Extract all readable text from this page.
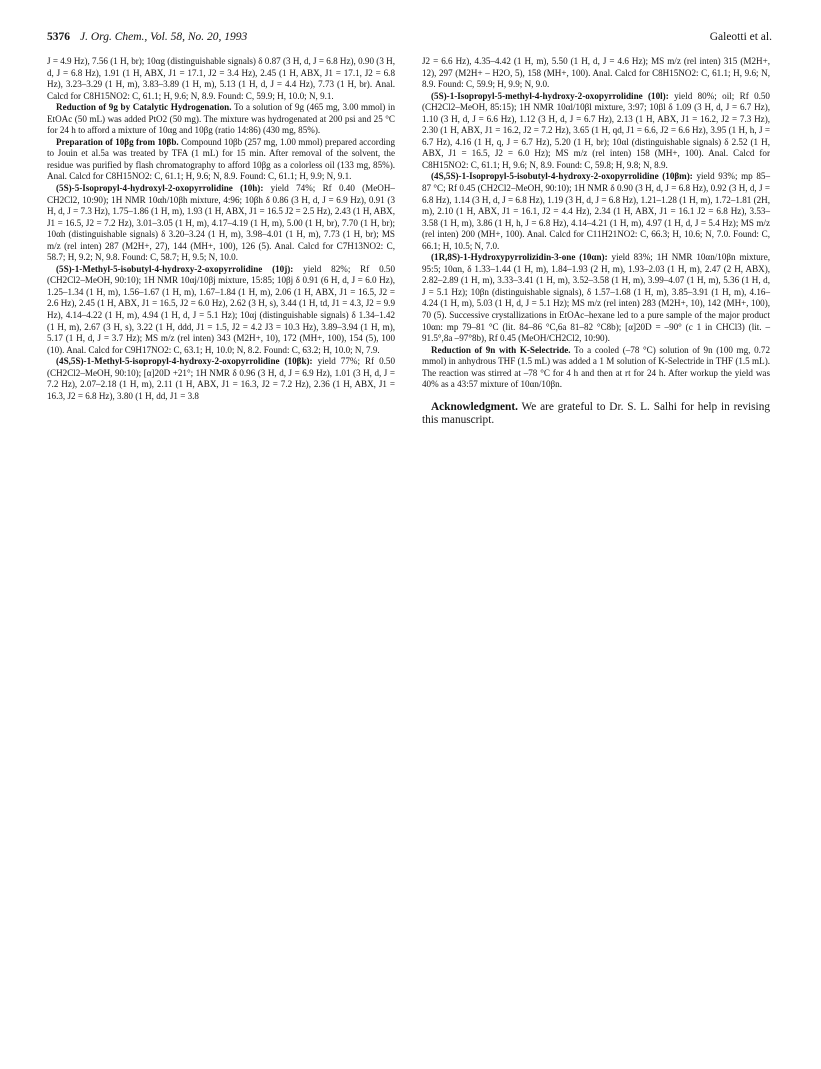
5376 J. Org. Chem., Vol. 58, No. 20, 1993	Galeotti et al.

J = 4.9 Hz), 7.56 (1 H, br); 10αg (distinguishable signals) δ 0.87 (3 H, d, J = 6.8 Hz), 0.90 (3 H, d, J = 6.8 Hz), 1.91 (1 H, ABX, J1 = 17.1, J2 = 3.4 Hz), 2.45 (1 H, ABX, J1 = 17.1, J2 = 6.8 Hz), 3.23–3.29 (1 H, m), 3.83–3.89 (1 H, m), 5.13 (1 H, d, J = 4.4 Hz), 7.73 (1 H, br). Anal. Calcd for C8H15NO2: C, 61.1; H, 9.6; N, 8.9. Found: C, 59.9; H, 10.0; N, 9.1.

Reduction of 9g by Catalytic Hydrogenation. To a solution of 9g (465 mg, 3.00 mmol) in EtOAc (50 mL) was added PtO2 (50 mg). The mixture was hydrogenated at 200 psi and 25 °C for 24 h to afford a mixture of 10αg and 10βg (ratio 14:86) (430 mg, 85%).

Preparation of 10βg from 10βb. Compound 10βb (257 mg, 1.00 mmol) prepared according to Jouin et al.5a was treated by TFA (1 mL) for 15 min. After removal of the solvent, the residue was purified by flash chromatography to afford 10βg as a colorless oil (133 mg, 85%). Anal. Calcd for C8H15NO2: C, 61.1; H, 9.6; N, 8.9. Found: C, 61.1; H, 9.9; N, 9.1.

(5S)-5-Isopropyl-4-hydroxyl-2-oxopyrrolidine (10h): yield 74%; Rf 0.40 (MeOH–CH2Cl2, 10:90); 1H NMR 10αh/10βh mixture, 4:96; 10βh δ 0.86 (3 H, d, J = 6.9 Hz), 0.91 (3 H, d, J = 7.3 Hz), 1.75–1.86 (1 H, m), 1.93 (1 H, ABX, J1 = 16.5 J2 = 2.5 Hz), 2.43 (1 H, ABX, J1 = 16.5, J2 = 7.2 Hz), 3.01–3.05 (1 H, m), 4.17–4.19 (1 H, m), 5.00 (1 H, br), 7.70 (1 H, br); 10αh (distinguishable signals) δ 3.20–3.24 (1 H, m), 3.98–4.01 (1 H, m), 7.73 (1 H, br); MS m/z (rel inten) 287 (M2H+, 27), 144 (MH+, 100), 126 (5). Anal. Calcd for C7H13NO2: C, 58.7; H, 9.2; N, 9.8. Found: C, 58.7; H, 9.5; N, 10.0.

(5S)-1-Methyl-5-isobutyl-4-hydroxy-2-oxopyrrolidine (10j): yield 82%; Rf 0.50 (CH2Cl2–MeOH, 90:10); 1H NMR 10αj/10βj mixture, 15:85; 10βj δ 0.91 (6 H, d, J = 6.0 Hz), 1.25–1.34 (1 H, m), 1.56–1.67 (1 H, m), 1.67–1.84 (1 H, m), 2.06 (1 H, ABX, J1 = 16.5, J2 = 2.6 Hz), 2.45 (1 H, ABX, J1 = 16.5, J2 = 6.0 Hz), 2.62 (3 H, s), 3.44 (1 H, td, J1 = 4.3, J2 = 9.9 Hz), 4.14–4.22 (1 H, m), 4.94 (1 H, d, J = 5.1 Hz); 10αj (distinguishable signals) δ 1.34–1.42 (1 H, m), 2.67 (3 H, s), 3.22 (1 H, ddd, J1 = 1.5, J2 = 4.2 J3 = 10.3 Hz), 3.89–3.94 (1 H, m), 5.17 (1 H, d, J = 3.7 Hz); MS m/z (rel inten) 343 (M2H+, 10), 172 (MH+, 100), 154 (5), 100 (10). Anal. Calcd for C9H17NO2: C, 63.1; H, 10.0; N, 8.2. Found: C, 63.2; H, 10.0; N, 7.9.

(4S,5S)-1-Methyl-5-isopropyl-4-hydroxy-2-oxopyrrolidine (10βk): yield 77%; Rf 0.50 (CH2Cl2–MeOH, 90:10); [α]20D +21°; 1H NMR δ 0.96 (3 H, d, J = 6.9 Hz), 1.01 (3 H, d, J = 7.2 Hz), 2.07–2.18 (1 H, m), 2.11 (1 H, ABX, J1 = 16.3, J2 = 7.2 Hz), 2.36 (1 H, ABX, J1 = 16.3, J2 = 6.8 Hz), 3.80 (1 H, dd, J1 = 3.8

J2 = 6.6 Hz), 4.35–4.42 (1 H, m), 5.50 (1 H, d, J = 4.6 Hz); MS m/z (rel inten) 315 (M2H+, 12), 297 (M2H+ – H2O, 5), 158 (MH+, 100). Anal. Calcd for C8H15NO2: C, 61.1; H, 9.6; N, 8.9. Found: C, 59.9; H, 9.9; N, 9.0.

(5S)-1-Isopropyl-5-methyl-4-hydroxy-2-oxopyrrolidine (10l): yield 80%; oil; Rf 0.50 (CH2Cl2–MeOH, 85:15); 1H NMR 10αl/10βl mixture, 3:97; 10βl δ 1.09 (3 H, d, J = 6.7 Hz), 1.10 (3 H, d, J = 6.6 Hz), 1.12 (3 H, d, J = 6.7 Hz), 2.13 (1 H, ABX, J1 = 16.2, J2 = 7.3 Hz), 2.30 (1 H, ABX, J1 = 16.2, J2 = 7.2 Hz), 3.65 (1 H, qd, J1 = 6.6, J2 = 6.6 Hz), 3.95 (1 H, h, J = 6.7 Hz), 4.16 (1 H, q, J = 6.7 Hz), 5.20 (1 H, br); 10αl (distinguishable signals) δ 2.52 (1 H, ABX, J1 = 16.5, J2 = 6.0 Hz); MS m/z (rel inten) 158 (MH+, 100). Anal. Calcd for C8H15NO2: C, 61.1; H, 9.6; N, 8.9. Found: C, 59.8; H, 9.8; N, 8.9.

(4S,5S)-1-Isopropyl-5-isobutyl-4-hydroxy-2-oxopyrrolidine (10βm): yield 93%; mp 85–87 °C; Rf 0.45 (CH2Cl2–MeOH, 90:10); 1H NMR δ 0.90 (3 H, d, J = 6.8 Hz), 0.92 (3 H, d, J = 6.8 Hz), 1.14 (3 H, d, J = 6.8 Hz), 1.19 (3 H, d, J = 6.8 Hz), 1.21–1.28 (1 H, m), 1.72–1.81 (2H, m), 2.10 (1 H, ABX, J1 = 16.1, J2 = 4.4 Hz), 2.34 (1 H, ABX, J1 = 16.1 J2 = 6.8 Hz), 3.53–3.58 (1 H, m), 3.86 (1 H, h, J = 6.8 Hz), 4.14–4.21 (1 H, m), 4.97 (1 H, d, J = 5.4 Hz); MS m/z (rel inten) 200 (MH+, 100). Anal. Calcd for C11H21NO2: C, 66.3; H, 10.6; N, 7.0. Found: C, 66.1; H, 10.5; N, 7.0.

(1R,8S)-1-Hydroxypyrrolizidin-3-one (10αn): yield 83%; 1H NMR 10αn/10βn mixture, 95:5; 10αn, δ 1.33–1.44 (1 H, m), 1.84–1.93 (2 H, m), 1.93–2.03 (1 H, m), 2.47 (2 H, ABX), 2.82–2.89 (1 H, m), 3.33–3.41 (1 H, m), 3.52–3.58 (1 H, m), 3.99–4.07 (1 H, m), 5.36 (1 H, d, J = 5.1 Hz); 10βn (distinguishable signals), δ 1.57–1.68 (1 H, m), 3.85–3.91 (1 H, m), 4.16–4.24 (1 H, m), 5.03 (1 H, d, J = 5.1 Hz); MS m/z (rel inten) 283 (M2H+, 10), 142 (MH+, 100), 70 (5). Successive crystallizations in EtOAc–hexane led to a pure sample of the major product 10αn: mp 79–81 °C (lit. 84–86 °C,6a 81–82 °C8b); [α]20D = –90° (c 1 in CHCl3) (lit. –91.5°,8a –97°8b), Rf 0.45 (MeOH/CH2Cl2, 10:90).

Reduction of 9n with K-Selectride. To a cooled (–78 °C) solution of 9n (100 mg, 0.72 mmol) in anhydrous THF (1.5 mL) was added a 1 M solution of K-Selectride in THF (1.5 mL). The reaction was stirred at –78 °C for 4 h and then at rt for 24 h. After workup the yield was 40% as a 43:57 mixture of 10αn/10βn.

Acknowledgment. We are grateful to Dr. S. L. Salhi for help in revising this manuscript.
